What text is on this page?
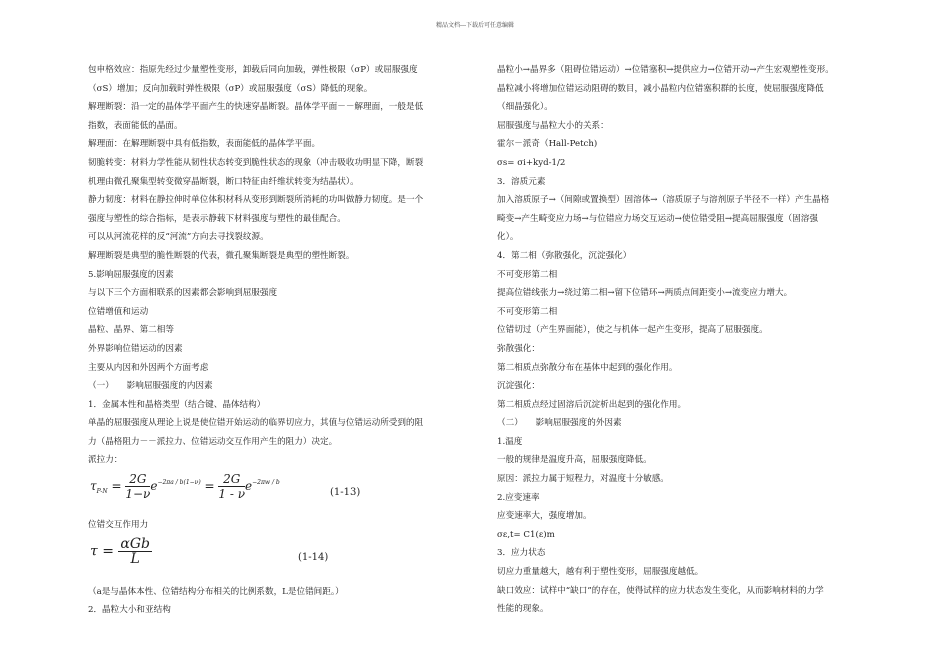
精品文档---下载后可任意编辑

包申格效应：指原先经过少量塑性变形，卸载后同向加载，弹性极限（σP）或屈服强度

（σS）增加；反向加载时弹性极限（σP）或屈服强度（σS）降低的现象。

解理断裂：沿一定的晶体学平面产生的快速穿晶断裂。晶体学平面－－解理面，一般是低

指数，表面能低的晶面。

解理面：在解理断裂中具有低指数，表面能低的晶体学平面。

韧脆转变：材料力学性能从韧性状态转变到脆性状态的现象（冲击吸收功明显下降，断裂

机理由微孔聚集型转变微穿晶断裂，断口特征由纤维状转变为结晶状）。

静力韧度：材料在静拉伸时单位体积材科从变形到断裂所消耗的功叫做静力韧度。是一个

强度与塑性的综合指标，是表示静载下材料强度与塑性的最佳配合。

可以从河流花样的反“河流”方向去寻找裂纹源。

解理断裂是典型的脆性断裂的代表，微孔聚集断裂是典型的塑性断裂。

5.影响屈服强度的因素

与以下三个方面相联系的因素都会影响到屈服强度

位错增值和运动

晶粒、晶界、第二相等

外界影响位错运动的因素

主要从内因和外因两个方面考虑

（一）　　影响屈服强度的内因素

1．金属本性和晶格类型（结合键、晶体结构）

单晶的屈服强度从理论上说是使位错开始运动的临界切应力，其值与位错运动所受到的阻

力（晶格阻力－－派拉力、位错运动交互作用产生的阻力）决定。

派拉力：

$\tau_{P-N} = \frac{2G}{1-\nu} e^{-2\pi a / b(1-\nu)} = \frac{2G}{1 - \nu} e^{-2\pi w / b}$
(1-13)

位错交互作用力

$\tau = \frac{\text{αGb}}{L}$	(1-14)

（a是与晶体本性、位错结构分布相关的比例系数，L是位错间距。）

2．晶粒大小和亚结构

晶粒小→晶界多（阻碍位错运动）→位错塞积→提供应力→位错开动→产生宏观塑性变形。

晶粒减小将增加位错运动阻碍的数目，减小晶粒内位错塞积群的长度，使屈服强度降低

（细晶强化）。

屈服强度与晶粒大小的关系：

霍尔－派奇（Hall-Petch)

σs= σi+kyd-1/2

3．溶质元素

加入溶质原子→（间隙或置换型）固溶体→（溶质原子与溶剂原子半径不一样）产生晶格

畸变→产生畸变应力场→与位错应力场交互运动→使位错受阻→提高屈服强度（固溶强

化）。

4．第二相（弥散强化，沉淀强化）

不可变形第二相

提高位错线张力→绕过第二相→留下位错环→两质点间距变小→流变应力增大。

不可变形第二相

位错切过（产生界面能），使之与机体一起产生变形，提高了屈服强度。

弥散强化：

第二相质点弥散分布在基体中起到的强化作用。

沉淀强化：

第二相质点经过固溶后沉淀析出起到的强化作用。

（二）　　影响屈服强度的外因素

1.温度

一般的规律是温度升高，屈服强度降低。

原因：派拉力属于短程力，对温度十分敏感。

2.应变速率

应变速率大，强度增加。

σε,t= C1(ε)m

3．应力状态

切应力重量越大，越有利于塑性变形，屈服强度越低。

缺口效应：试样中“缺口”的存在，使得试样的应力状态发生变化，从而影响材料的力学

性能的现象。
